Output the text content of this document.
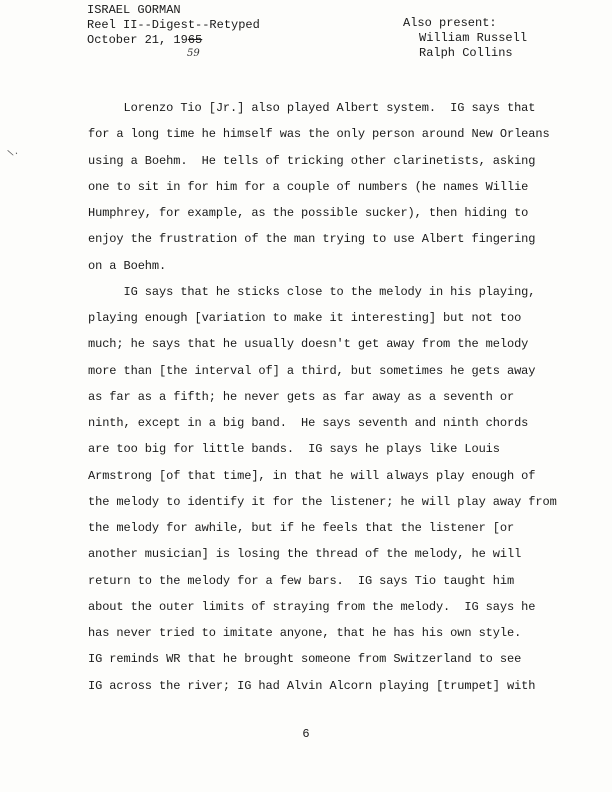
\.
ISRAEL GORMAN
Reel II--Digest--Retyped
October 21, 1965
59
Also present:
William Russell
Ralph Collins
Lorenzo Tio [Jr.] also played Albert system.  IG says that
for a long time he himself was the only person around New Orleans
using a Boehm.  He tells of tricking other clarinetists, asking
one to sit in for him for a couple of numbers (he names Willie
Humphrey, for example, as the possible sucker), then hiding to
enjoy the frustration of the man trying to use Albert fingering
on a Boehm.
IG says that he sticks close to the melody in his playing,
playing enough [variation to make it interesting] but not too
much; he says that he usually doesn't get away from the melody
more than [the interval of] a third, but sometimes he gets away
as far as a fifth; he never gets as far away as a seventh or
ninth, except in a big band.  He says seventh and ninth chords
are too big for little bands.  IG says he plays like Louis
Armstrong [of that time], in that he will always play enough of
the melody to identify it for the listener; he will play away from
the melody for awhile, but if he feels that the listener [or
another musician] is losing the thread of the melody, he will
return to the melody for a few bars.  IG says Tio taught him
about the outer limits of straying from the melody.  IG says he
has never tried to imitate anyone, that he has his own style.
IG reminds WR that he brought someone from Switzerland to see
IG across the river; IG had Alvin Alcorn playing [trumpet] with
6
